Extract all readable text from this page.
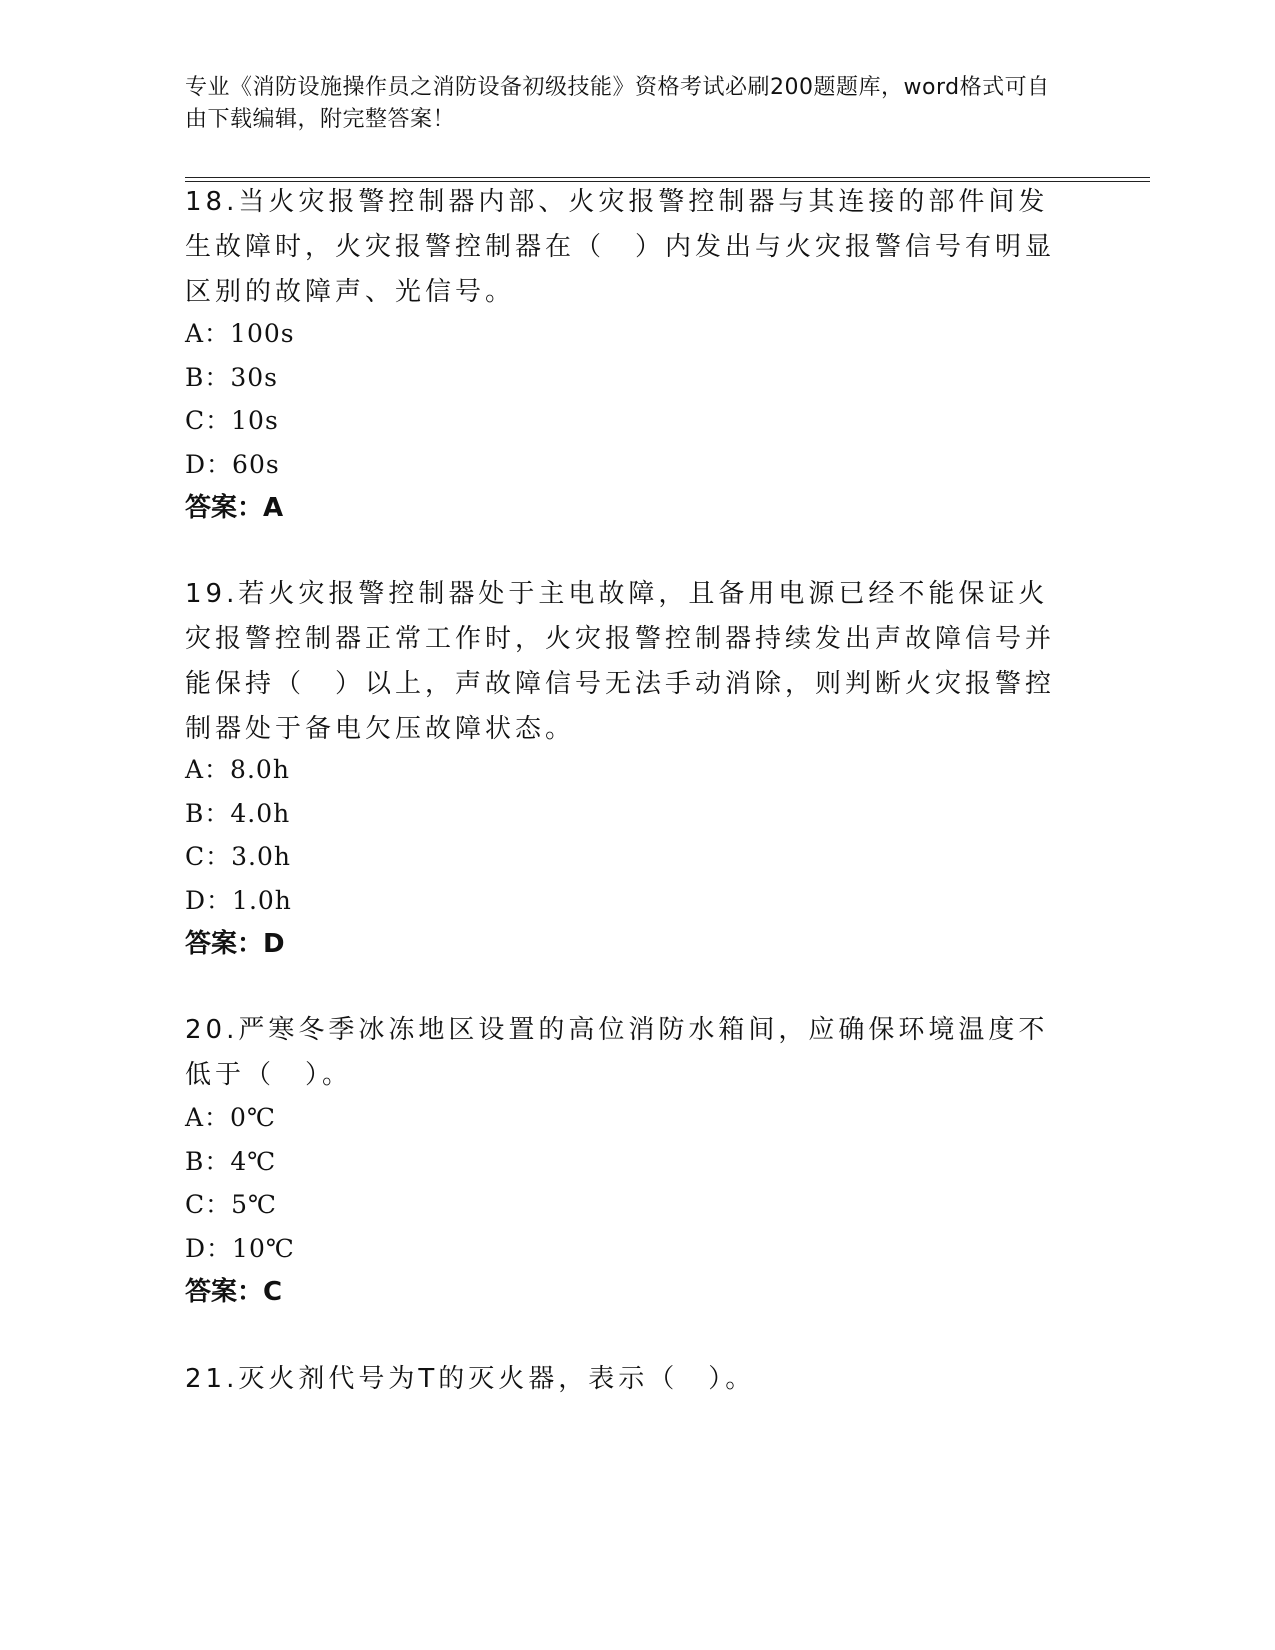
专业《消防设施操作员之消防设备初级技能》资格考试必刷200题题库，word格式可自由下载编辑，附完整答案！

18.当火灾报警控制器内部、火灾报警控制器与其连接的部件间发生故障时，火灾报警控制器在（　）内发出与火灾报警信号有明显区别的故障声、光信号。

A：100s
B：30s
C：10s
D：60s
答案：A

19.若火灾报警控制器处于主电故障，且备用电源已经不能保证火灾报警控制器正常工作时，火灾报警控制器持续发出声故障信号并能保持（　）以上，声故障信号无法手动消除，则判断火灾报警控制器处于备电欠压故障状态。

A：8.0h
B：4.0h
C：3.0h
D：1.0h
答案：D

20.严寒冬季冰冻地区设置的高位消防水箱间，应确保环境温度不低于（　）。

A：0℃
B：4℃
C：5℃
D：10℃
答案：C

21.灭火剂代号为T的灭火器，表示（　）。
